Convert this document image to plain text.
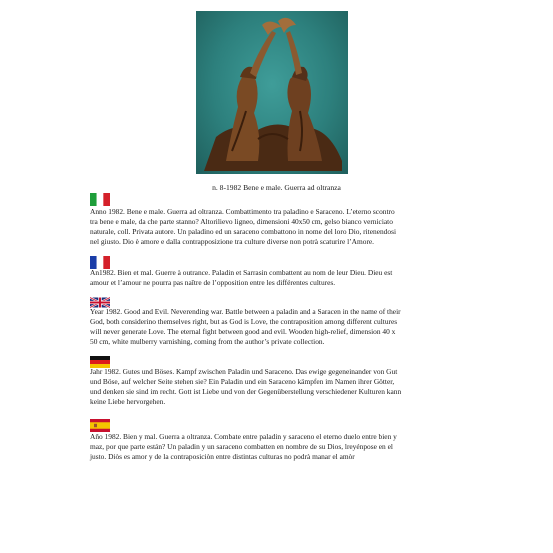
n. 8-1982 Bene e male. Guerra ad oltranza
Anno 1982. Bene e male. Guerra ad oltranza. Combattimento tra paladino e Saraceno. L’eterno scontro
tra bene e male, da che parte stanno? Altorilievo ligneo, dimensioni 40x50 cm, gelso bianco verniciato
naturale, coll. Privata autore. Un paladino ed un saraceno combattono in nome del loro Dio, ritenendosi
nel giusto. Dio è amore e dalla contrapposizione tra culture diverse non potrà scaturire l’Amore.
An1982. Bien et mal. Guerre à outrance. Paladin et Sarrasin combattent au nom de leur Dieu. Dieu est
amour et l’amour ne pourra pas naître de l’opposition entre les différentes cultures.
Year 1982. Good and Evil. Neverending war. Battle between a paladin and a Saracen in the name of their
God, both considerino themselves right, but as God is Love, the contraposition among different cultures
will never generate Love. The eternal fight between good and evil. Wooden high-relief, dimension 40 x
50 cm, white mulberry varnishing, coming from the author’s private collection.
Jahr 1982. Gutes und Böses. Kampf zwischen Paladin und Saraceno. Das ewige gegeneinander von Gut
und Böse, auf welcher Seite stehen sie? Ein Paladin und ein Saraceno kämpfen im Namen ihrer Götter,
und denken sie sind im recht. Gott ist Liebe und von der Gegenüberstellung verschiedener Kulturen kann
keine Liebe hervorgehen.
Año 1982. Bien y mal. Guerra a oltranza. Combate entre paladin y saraceno el eterno duelo entre bien y
maz, por que parte están? Un paladin y un saraceno combatten en nombre de su Dios, lreyénpose en el
justo. Diòs es amor y de la contraposiciòn entre distintas culturas no podrà manar el amòr
